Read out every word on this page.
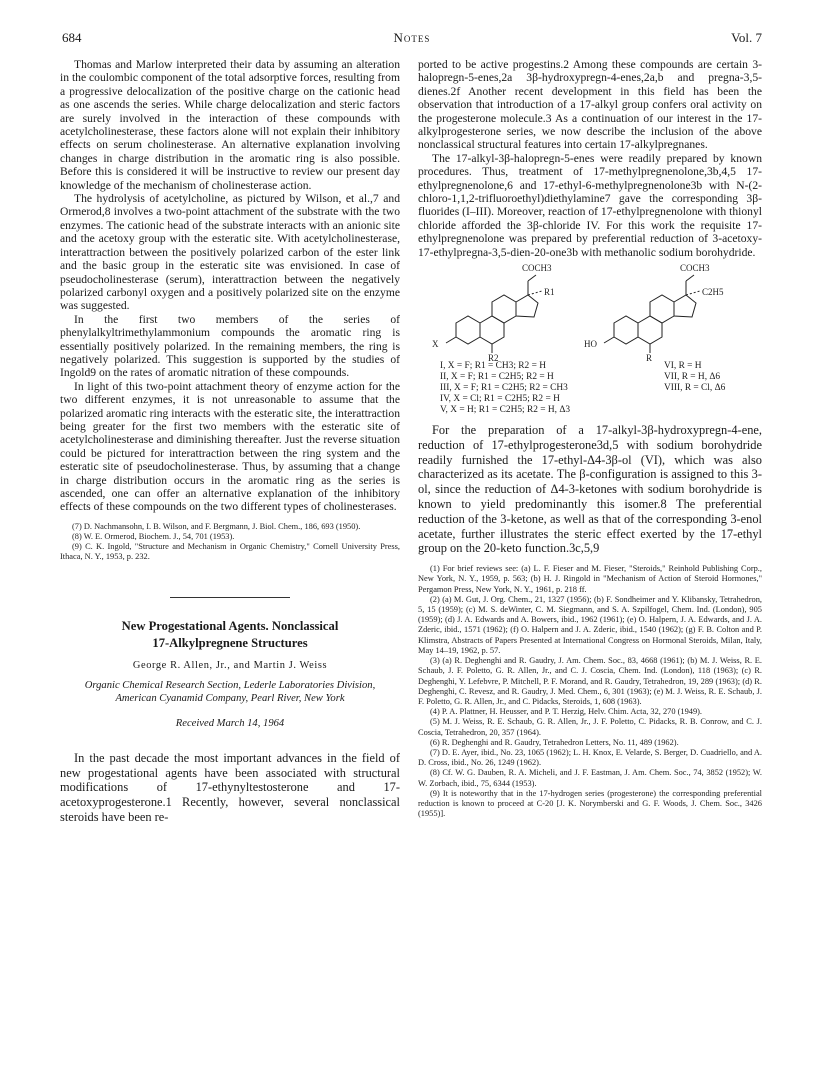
684	Notes	Vol. 7

Thomas and Marlow interpreted their data by assuming an alteration in the coulombic component of the total adsorptive forces, resulting from a progressive delocalization of the positive charge on the cationic head as one ascends the series. While charge delocalization and steric factors are surely involved in the interaction of these compounds with acetylcholinesterase, these factors alone will not explain their inhibitory effects on serum cholinesterase. An alternative explanation involving changes in charge distribution in the aromatic ring is also possible. Before this is considered it will be instructive to review our present day knowledge of the mechanism of cholinesterase action.

The hydrolysis of acetylcholine, as pictured by Wilson, et al.,7 and Ormerod,8 involves a two-point attachment of the substrate with the two enzymes. The cationic head of the substrate interacts with an anionic site and the acetoxy group with the esteratic site. With acetylcholinesterase, interattraction between the positively polarized carbon of the ester link and the basic group in the esteratic site was envisioned. In case of pseudocholinesterase (serum), interattraction between the negatively polarized carbonyl oxygen and a positively polarized site on the enzyme was suggested.

In the first two members of the series of phenylalkyltrimethylammonium compounds the aromatic ring is essentially positively polarized. In the remaining members, the ring is negatively polarized. This suggestion is supported by the studies of Ingold9 on the rates of aromatic nitration of these compounds.

In light of this two-point attachment theory of enzyme action for the two different enzymes, it is not unreasonable to assume that the polarized aromatic ring interacts with the esteratic site, the interattraction being greater for the first two members with the esteratic site of acetylcholinesterase and diminishing thereafter. Just the reverse situation could be pictured for interattraction between the ring system and the esteratic site of pseudocholinesterase. Thus, by assuming that a change in charge distribution occurs in the aromatic ring as the series is ascended, one can offer an alternative explanation of the inhibitory effects of these compounds on the two different types of cholinesterases.

(7) D. Nachmansohn, I. B. Wilson, and F. Bergmann, J. Biol. Chem., 186, 693 (1950).

(8) W. E. Ormerod, Biochem. J., 54, 701 (1953).

(9) C. K. Ingold, "Structure and Mechanism in Organic Chemistry," Cornell University Press, Ithaca, N. Y., 1953, p. 232.

New Progestational Agents. Nonclassical
17-Alkylpregnene Structures
George R. Allen, Jr., and Martin J. Weiss
Organic Chemical Research Section, Lederle Laboratories Division,
American Cyanamid Company, Pearl River, New York
Received March 14, 1964

In the past decade the most important advances in the field of new progestational agents have been associated with structural modifications of 17-ethynyltestosterone and 17-acetoxyprogesterone.1 Recently, however, several nonclassical steroids have been re-

ported to be active progestins.2 Among these compounds are certain 3-halopregn-5-enes,2a 3β-hydroxypregn-4-enes,2a,b and pregna-3,5-dienes.2f Another recent development in this field has been the observation that introduction of a 17-alkyl group confers oral activity on the progesterone molecule.3 As a continuation of our interest in the 17-alkylprogesterone series, we now describe the inclusion of the above nonclassical structural features into certain 17-alkylpregnanes.

The 17-alkyl-3β-halopregn-5-enes were readily prepared by known procedures. Thus, treatment of 17-methylpregnenolone,3b,4,5 17-ethylpregnenolone,6 and 17-ethyl-6-methylpregnenolone3b with N-(2-chloro-1,1,2-trifluoroethyl)diethylamine7 gave the corresponding 3β-fluorides (I–III). Moreover, reaction of 17-ethylpregnenolone with thionyl chloride afforded the 3β-chloride IV. For this work the requisite 17-ethylpregnenolone was prepared by preferential reduction of 3-acetoxy-17-ethylpregna-3,5-dien-20-one3b with methanolic sodium borohydride.

COCH3
R1
X
R2
COCH3
C2H5
HO
R
I, X = F; R1 = CH3; R2 = H
II, X = F; R1 = C2H5; R2 = H
III, X = F; R1 = C2H5; R2 = CH3
IV, X = Cl; R1 = C2H5; R2 = H
V, X = H; R1 = C2H5; R2 = H, Δ3
VI, R = H
VII, R = H, Δ6
VIII, R = Cl, Δ6

For the preparation of a 17-alkyl-3β-hydroxypregn-4-ene, reduction of 17-ethylprogesterone3d,5 with sodium borohydride readily furnished the 17-ethyl-Δ4-3β-ol (VI), which was also characterized as its acetate. The β-configuration is assigned to this 3-ol, since the reduction of Δ4-3-ketones with sodium borohydride is known to yield predominantly this isomer.8 The preferential reduction of the 3-ketone, as well as that of the corresponding 3-enol acetate, further illustrates the steric effect exerted by the 17-ethyl group on the 20-keto function.3c,5,9

(1) For brief reviews see: (a) L. F. Fieser and M. Fieser, "Steroids," Reinhold Publishing Corp., New York, N. Y., 1959, p. 563; (b) H. J. Ringold in "Mechanism of Action of Steroid Hormones," Pergamon Press, New York, N. Y., 1961, p. 218 ff.

(2) (a) M. Gut, J. Org. Chem., 21, 1327 (1956); (b) F. Sondheimer and Y. Klibansky, Tetrahedron, 5, 15 (1959); (c) M. S. deWinter, C. M. Siegmann, and S. A. Szpilfogel, Chem. Ind. (London), 905 (1959); (d) J. A. Edwards and A. Bowers, ibid., 1962 (1961); (e) O. Halpern, J. A. Edwards, and J. A. Zderic, ibid., 1571 (1962); (f) O. Halpern and J. A. Zderic, ibid., 1540 (1962); (g) F. B. Colton and P. Klimstra, Abstracts of Papers Presented at International Congress on Hormonal Steroids, Milan, Italy, May 14–19, 1962, p. 57.

(3) (a) R. Deghenghi and R. Gaudry, J. Am. Chem. Soc., 83, 4668 (1961); (b) M. J. Weiss, R. E. Schaub, J. F. Poletto, G. R. Allen, Jr., and C. J. Coscia, Chem. Ind. (London), 118 (1963); (c) R. Deghenghi, Y. Lefebvre, P. Mitchell, P. F. Morand, and R. Gaudry, Tetrahedron, 19, 289 (1963); (d) R. Deghenghi, C. Revesz, and R. Gaudry, J. Med. Chem., 6, 301 (1963); (e) M. J. Weiss, R. E. Schaub, J. F. Poletto, G. R. Allen, Jr., and C. Pidacks, Steroids, 1, 608 (1963).

(4) P. A. Plattner, H. Heusser, and P. T. Herzig, Helv. Chim. Acta, 32, 270 (1949).

(5) M. J. Weiss, R. E. Schaub, G. R. Allen, Jr., J. F. Poletto, C. Pidacks, R. B. Conrow, and C. J. Coscia, Tetrahedron, 20, 357 (1964).

(6) R. Deghenghi and R. Gaudry, Tetrahedron Letters, No. 11, 489 (1962).

(7) D. E. Ayer, ibid., No. 23, 1065 (1962); L. H. Knox, E. Velarde, S. Berger, D. Cuadriello, and A. D. Cross, ibid., No. 26, 1249 (1962).

(8) Cf. W. G. Dauben, R. A. Micheli, and J. F. Eastman, J. Am. Chem. Soc., 74, 3852 (1952); W. W. Zorbach, ibid., 75, 6344 (1953).

(9) It is noteworthy that in the 17-hydrogen series (progesterone) the corresponding preferential reduction is known to proceed at C-20 [J. K. Norymberski and G. F. Woods, J. Chem. Soc., 3426 (1955)].
